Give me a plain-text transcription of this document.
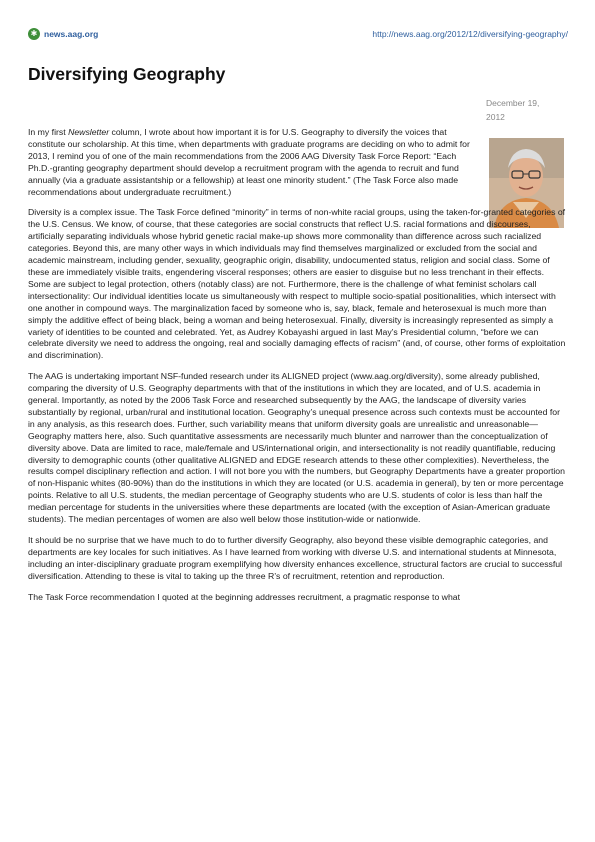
✱ news.aag.org	http://news.aag.org/2012/12/diversifying-geography/
Diversifying Geography
December 19, 2012

In my first Newsletter column, I wrote about how important it is for U.S. Geography to diversify the voices that constitute our scholarship. At this time, when departments with graduate programs are deciding on who to admit for 2013, I remind you of one of the main recommendations from the 2006 AAG Diversity Task Force Report: “Each Ph.D.-granting geography department should develop a recruitment program with the agenda to recruit and fund annually (via a graduate assistantship or a fellowship) at least one minority student.” (The Task Force also made recommendations about undergraduate recruitment.)

Diversity is a complex issue. The Task Force defined “minority” in terms of non-white racial groups, using the taken-for-granted categories of the U.S. Census. We know, of course, that these categories are social constructs that reflect U.S. racial formations and discourses, artificially separating individuals whose hybrid genetic racial make-up shows more commonality than difference across such racialized categories. Beyond this, are many other ways in which individuals may find themselves marginalized or excluded from the social and academic mainstream, including gender, sexuality, geographic origin, disability, undocumented status, religion and social class. Some of these are immediately visible traits, engendering visceral responses; others are easier to disguise but no less trenchant in their effects. Some are subject to legal protection, others (notably class) are not. Furthermore, there is the challenge of what feminist scholars call intersectionality: Our individual identities locate us simultaneously with respect to multiple socio-spatial positionalities, which intersect with one another in compound ways. The marginalization faced by someone who is, say, black, female and heterosexual is much more than simply the additive effect of being black, being a woman and being heterosexual. Finally, diversity is increasingly represented as simply a variety of identities to be counted and celebrated. Yet, as Audrey Kobayashi argued in last May’s Presidential column, “before we can celebrate diversity we need to address the ongoing, real and socially damaging effects of racism” (and, of course, other forms of exploitation and discrimination).

The AAG is undertaking important NSF-funded research under its ALIGNED project (www.aag.org/diversity), some already published, comparing the diversity of U.S. Geography departments with that of the institutions in which they are located, and of U.S. academia in general. Importantly, as noted by the 2006 Task Force and researched subsequently by the AAG, the landscape of diversity varies substantially by regional, urban/rural and institutional location. Geography’s unequal presence across such contexts must be accounted for in any analysis, as this research does. Further, such variability means that uniform diversity goals are unrealistic and unreasonable—Geography matters here, also. Such quantitative assessments are necessarily much blunter and narrower than the conceptualization of diversity above. Data are limited to race, male/female and US/international origin, and intersectionality is not readily quantifiable, reducing diversity to demographic counts (other qualitative ALIGNED and EDGE research attends to these other complexities). Nevertheless, the results compel disciplinary reflection and action. I will not bore you with the numbers, but Geography Departments have a greater proportion of non-Hispanic whites (80-90%) than do the institutions in which they are located (or U.S. academia in general), by ten or more percentage points. Relative to all U.S. students, the median percentage of Geography students who are U.S. students of color is less than half the median percentage for students in the universities where these departments are located (with the exception of Asian-American graduate students). The median percentages of women are also well below those institution-wide or nationwide.

It should be no surprise that we have much to do to further diversify Geography, also beyond these visible demographic categories, and departments are key locales for such initiatives. As I have learned from working with diverse U.S. and international students at Minnesota, including an inter-disciplinary graduate program exemplifying how diversity enhances excellence, structural factors are crucial to successful diversification. Attending to these is vital to taking up the three R’s of recruitment, retention and reproduction.

The Task Force recommendation I quoted at the beginning addresses recruitment, a pragmatic response to what
